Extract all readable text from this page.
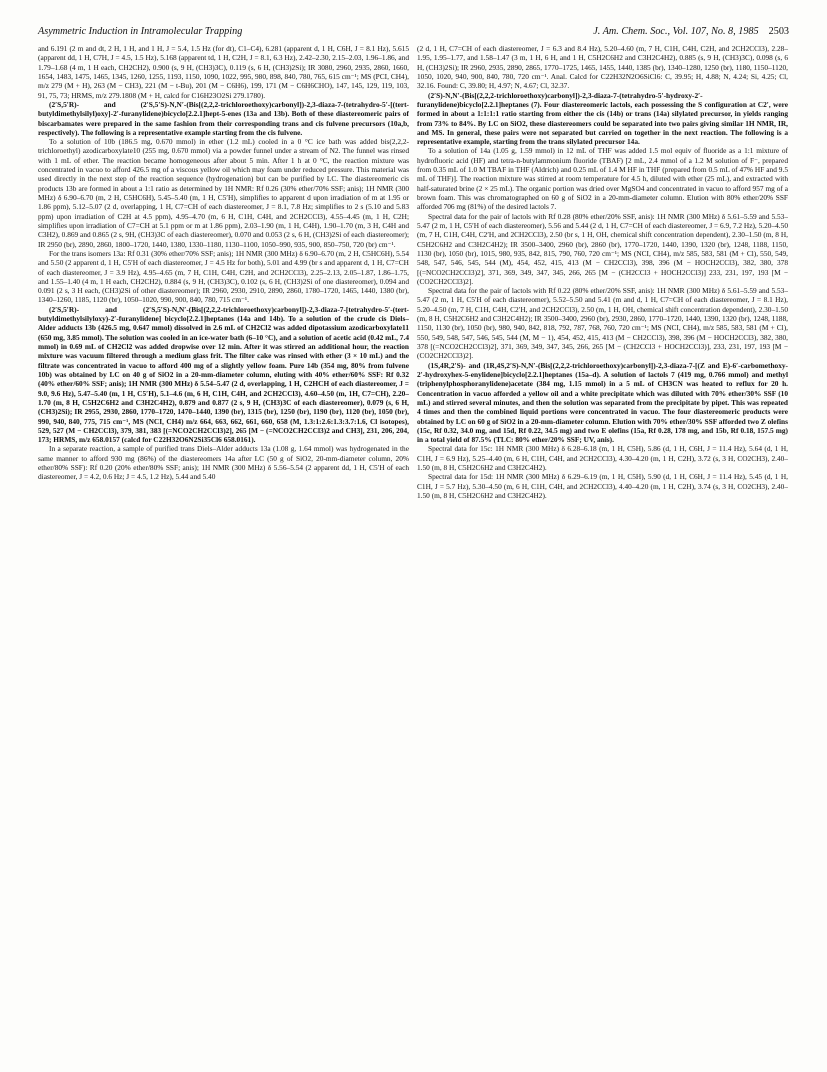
Asymmetric Induction in Intramolecular Trapping	J. Am. Chem. Soc., Vol. 107, No. 8, 1985 2503

and 6.191 (2 m and dt, 2 H, 1 H, and 1 H, J = 5.4, 1.5 Hz (for dt), C1–C4), 6.281 (apparent d, 1 H, C6H, J = 8.1 Hz), 5.615 (apparent dd, 1 H, C7H, J = 4.5, 1.5 Hz), 5.168 (apparent td, 1 H, C2H, J = 8.1, 6.3 Hz), 2.42–2.30, 2.15–2.03, 1.96–1.86, and 1.79–1.68 (4 m, 1 H each, CH2CH2), 0.900 (s, 9 H, (CH3)3C), 0.119 (s, 6 H, (CH3)2Si); IR 3080, 2960, 2935, 2860, 1660, 1654, 1483, 1475, 1465, 1345, 1260, 1255, 1193, 1150, 1090, 1022, 995, 980, 898, 840, 780, 765, 615 cm⁻¹; MS (PCI, CH4), m/z 279 (M + H), 263 (M − CH3), 221 (M − t-Bu), 201 (M − C6H6), 199, 171 (M − C6H6CHO), 147, 145, 129, 119, 103, 91, 75, 73; HRMS, m/z 279.1808 (M + H, calcd for C16H23O2Si 279.1780).

(2′S,5′R)- and (2′S,5′S)-N,N′-(Bis[(2,2,2-trichloroethoxy)carbonyl])-2,3-diaza-7-(tetrahydro-5′-[(tert-butyldimethylsilyl)oxy]-2′-furanylidene)bicyclo[2.2.1]hept-5-enes (13a and 13b). Both of these diastereomeric pairs of biscarbamates were prepared in the same fashion from their corresponding trans and cis fulvene precursors (10a,b, respectively). The following is a representative example starting from the cis fulvene.

To a solution of 10b (186.5 mg, 0.670 mmol) in ether (1.2 mL) cooled in a 0 °C ice bath was added bis(2,2,2-trichloroethyl) azodicarboxylate10 (255 mg, 0.670 mmol) via a powder funnel under a stream of N2. The funnel was rinsed with 1 mL of ether. The reaction became homogeneous after about 5 min. After 1 h at 0 °C, the reaction mixture was concentrated in vacuo to afford 426.5 mg of a viscous yellow oil which may foam under reduced pressure. This material was used directly in the next step of the reaction sequence (hydrogenation) but can be purified by LC. The diastereomeric cis products 13b are formed in about a 1:1 ratio as determined by 1H NMR: Rf 0.26 (30% ether/70% SSF; anis); 1H NMR (300 MHz) δ 6.90–6.70 (m, 2 H, C5HC6H), 5.45–5.40 (m, 1 H, C5′H), simplifies to apparent d upon irradiation of m at 1.95 or 1.86 ppm), 5.12–5.07 (2 d, overlapping, 1 H, C7=CH of each diastereomer, J = 8.1, 7.8 Hz; simplifies to 2 s (5.10 and 5.83 ppm) upon irradiation of C2H at 4.5 ppm), 4.95–4.70 (m, 6 H, C1H, C4H, and 2CH2CCl3), 4.55–4.45 (m, 1 H, C2H; simplifies upon irradiation of C7=CH at 5.1 ppm or m at 1.86 ppm), 2.03–1.90 (m, 1 H, C4H), 1.90–1.70 (m, 3 H, C4H and C3H2), 0.869 and 0.865 (2 s, 9H, (CH3)3C of each diastereomer), 0.070 and 0.053 (2 s, 6 H, (CH3)2Si of each diastereomer); IR 2950 (br), 2890, 2860, 1800–1720, 1440, 1380, 1330–1180, 1130–1100, 1050–990, 935, 900, 850–750, 720 (br) cm⁻¹.

For the trans isomers 13a: Rf 0.31 (30% ether/70% SSF; anis); 1H NMR (300 MHz) δ 6.90–6.70 (m, 2 H, C5HC6H), 5.54 and 5.50 (2 apparent d, 1 H, C5′H of each diastereomer, J = 4.5 Hz for both), 5.01 and 4.99 (br s and apparent d, 1 H, C7=CH of each diastereomer, J = 3.9 Hz), 4.95–4.65 (m, 7 H, C1H, C4H, C2H, and 2CH2CCl3), 2.25–2.13, 2.05–1.87, 1.86–1.75, and 1.55–1.40 (4 m, 1 H each, CH2CH2), 0.884 (s, 9 H, (CH3)3C), 0.102 (s, 6 H, (CH3)2Si of one diastereomer), 0.094 and 0.091 (2 s, 3 H each, (CH3)2Si of other diastereomer); IR 2960, 2930, 2910, 2890, 2860, 1780–1720, 1465, 1440, 1380 (br), 1340–1260, 1185, 1120 (br), 1050–1020, 990, 900, 840, 780, 715 cm⁻¹.

(2′S,5′R)- and (2′S,5′S)-N,N′-(Bis[(2,2,2-trichloroethoxy)carbonyl])-2,3-diaza-7-[tetrahydro-5′-(tert-butyldimethylsilyloxy)-2′-furanylidene] bicyclo[2.2.1]heptanes (14a and 14b). To a solution of the crude cis Diels–Alder adducts 13b (426.5 mg, 0.647 mmol) dissolved in 2.6 mL of CH2Cl2 was added dipotassium azodicarboxylate11 (650 mg, 3.85 mmol). The solution was cooled in an ice-water bath (6–10 °C), and a solution of acetic acid (0.42 mL, 7.4 mmol) in 0.69 mL of CH2Cl2 was added dropwise over 12 min. After it was stirred an additional hour, the reaction mixture was vacuum filtered through a medium glass frit. The filter cake was rinsed with ether (3 × 10 mL) and the filtrate was concentrated in vacuo to afford 400 mg of a slightly yellow foam. Pure 14b (354 mg, 80% from fulvene 10b) was obtained by LC on 40 g of SiO2 in a 20-mm-diameter column, eluting with 40% ether/60% SSF: Rf 0.32 (40% ether/60% SSF; anis); 1H NMR (300 MHz) δ 5.54–5.47 (2 d, overlapping, 1 H, C2HCH of each diastereomer, J = 9.0, 9.6 Hz), 5.47–5.40 (m, 1 H, C5′H), 5.1–4.6 (m, 6 H, C1H, C4H, and 2CH2CCl3), 4.60–4.50 (m, 1H, C7=CH), 2.20–1.70 (m, 8 H, C5H2C6H2 and C3H2C4H2), 0.879 and 0.877 (2 s, 9 H, (CH3)3C of each diastereomer), 0.079 (s, 6 H, (CH3)2Si); IR 2955, 2930, 2860, 1770–1720, 1470–1440, 1390 (br), 1315 (br), 1250 (br), 1190 (br), 1120 (br), 1050 (br), 990, 940, 840, 775, 715 cm⁻¹, MS (NCI, CH4) m/z 664, 663, 662, 661, 660, 658 (M, 1.3:1:2.6:1.3:3.7:1.6, Cl isotopes), 529, 527 (M − CH2CCl3), 379, 381, 383 [(=NCO2CH2CCl3)2], 265 [M − (=NCO2CH2CCl3)2 and CH3], 231, 206, 204, 173; HRMS, m/z 658.0157 (calcd for C22H32O6N2Si35Cl6 658.0161).

In a separate reaction, a sample of purified trans Diels–Alder adducts 13a (1.08 g, 1.64 mmol) was hydrogenated in the same manner to afford 930 mg (86%) of the diastereomers 14a after LC (50 g of SiO2, 20-mm-diameter column, 20% ether/80% SSF): Rf 0.20 (20% ether/80% SSF; anis); 1H NMR (300 MHz) δ 5.56–5.54 (2 apparent dd, 1 H, C5′H of each diastereomer, J = 4.2, 0.6 Hz; J = 4.5, 1.2 Hz), 5.44 and 5.40

(2 d, 1 H, C7=CH of each diastereomer, J = 6.3 and 8.4 Hz), 5.20–4.60 (m, 7 H, C1H, C4H, C2H, and 2CH2CCl3), 2.28–1.95, 1.95–1.77, and 1.58–1.47 (3 m, 1 H, 6 H, and 1 H, C5H2C6H2 and C3H2C4H2), 0.885 (s, 9 H, (CH3)3C), 0.098 (s, 6 H, (CH3)2Si); IR 2960, 2935, 2890, 2865, 1770–1725, 1465, 1455, 1440, 1385 (br), 1340–1280, 1250 (br), 1180, 1150–1120, 1050, 1020, 940, 900, 840, 780, 720 cm⁻¹. Anal. Calcd for C22H32N2O6SiCl6: C, 39.95; H, 4.88; N, 4.24; Si, 4.25; Cl, 32.16. Found: C, 39.80; H, 4.97; N, 4.67; Cl, 32.37.

(2′S)-N,N′-(Bis[(2,2,2-trichloroethoxy)carbonyl])-2,3-diaza-7-(tetrahydro-5′-hydroxy-2′-furanylidene)bicyclo[2.2.1]heptanes (7). Four diastereomeric lactols, each possessing the S configuration at C2′, were formed in about a 1:1:1:1 ratio starting from either the cis (14b) or trans (14a) silylated precursor, in yields ranging from 73% to 84%. By LC on SiO2, these diastereomers could be separated into two pairs giving similar 1H NMR, IR, and MS. In general, these pairs were not separated but carried on together in the next reaction. The following is a representative example, starting from the trans silylated precursor 14a.

To a solution of 14a (1.05 g, 1.59 mmol) in 12 mL of THF was added 1.5 mol equiv of fluoride as a 1:1 mixture of hydrofluoric acid (HF) and tetra-n-butylammonium fluoride (TBAF) [2 mL, 2.4 mmol of a 1.2 M solution of F⁻, prepared from 0.35 mL of 1.0 M TBAF in THF (Aldrich) and 0.25 mL of 1.4 M HF in THF (prepared from 0.5 mL of 47% HF and 9.5 mL of THF)]. The reaction mixture was stirred at room temperature for 4.5 h, diluted with ether (25 mL), and extracted with half-saturated brine (2 × 25 mL). The organic portion was dried over MgSO4 and concentrated in vacuo to afford 957 mg of a brown foam. This was chromatographed on 60 g of SiO2 in a 20-mm-diameter column. Elution with 80% ether/20% SSF afforded 706 mg (81%) of the desired lactols 7.

Spectral data for the pair of lactols with Rf 0.28 (80% ether/20% SSF, anis): 1H NMR (300 MHz) δ 5.61–5.59 and 5.53–5.47 (2 m, 1 H, C5′H of each diastereomer), 5.56 and 5.44 (2 d, 1 H, C7=CH of each diastereomer, J = 6.9, 7.2 Hz), 5.20–4.50 (m, 7 H, C1H, C4H, C2′H, and 2CH2CCl3), 2.50 (br s, 1 H, OH, chemical shift concentration dependent), 2.30–1.50 (m, 8 H, C5H2C6H2 and C3H2C4H2); IR 3500–3400, 2960 (br), 2860 (br), 1770–1720, 1440, 1390, 1320 (br), 1248, 1188, 1150, 1130 (br), 1050 (br), 1015, 980, 935, 842, 815, 790, 760, 720 cm⁻¹; MS (NCI, CH4), m/z 585, 583, 581 (M + Cl), 550, 549, 548, 547, 546, 545, 544 (M), 454, 452, 415, 413 (M − CH2CCl3), 398, 396 (M − HOCH2CCl3), 382, 380, 378 [(=NCO2CH2CCl3)2], 371, 369, 349, 347, 345, 266, 265 [M − (CH2CCl3 + HOCH2CCl3)] 233, 231, 197, 193 [M − (CO2CH2CCl3)2].

Spectral data for the pair of lactols with Rf 0.22 (80% ether/20% SSF, anis): 1H NMR (300 MHz) δ 5.61–5.59 and 5.53–5.47 (2 m, 1 H, C5′H of each diastereomer), 5.52–5.50 and 5.41 (m and d, 1 H, C7=CH of each diastereomer, J = 8.1 Hz), 5.20–4.50 (m, 7 H, C1H, C4H, C2′H, and 2CH2CCl3), 2.50 (m, 1 H, OH, chemical shift concentration dependent), 2.30–1.50 (m, 8 H, C5H2C6H2 and C3H2C4H2); IR 3500–3400, 2960 (br), 2930, 2860, 1770–1720, 1440, 1390, 1320 (br), 1248, 1188, 1150, 1130 (br), 1050 (br), 980, 940, 842, 818, 792, 787, 768, 760, 720 cm⁻¹; MS (NCI, CH4), m/z 585, 583, 581 (M + Cl), 550, 549, 548, 547, 546, 545, 544 (M, M − 1), 454, 452, 415, 413 (M − CH2CCl3), 398, 396 (M − HOCH2CCl3), 382, 380, 378 [(=NCO2CH2CCl3)2], 371, 369, 349, 347, 345, 266, 265 [M − (CH2CCl3 + HOCH2CCl3)], 233, 231, 197, 193 [M − (CO2CH2CCl3)2].

(1S,4R,2′S)- and (1R,4S,2′S)-N,N′-(Bis[(2,2,2-trichloroethoxy)carbonyl])-2,3-diaza-7-[(Z and E)-6′-carbomethoxy-2′-hydroxyhex-5-enylidene]bicyclo[2.2.1]heptanes (15a–d). A solution of lactols 7 (419 mg, 0.766 mmol) and methyl (triphenylphosphoranylidene)acetate (384 mg, 1.15 mmol) in a 5 mL of CH3CN was heated to reflux for 20 h. Concentration in vacuo afforded a yellow oil and a white precipitate which was diluted with 70% ether/30% SSF (10 mL) and stirred several minutes, and then the solution was separated from the precipitate by pipet. This was repeated 4 times and then the combined liquid portions were concentrated in vacuo. The four diastereomeric products were obtained by LC on 60 g of SiO2 in a 20-mm-diameter column. Elution with 70% ether/30% SSF afforded two Z olefins (15c, Rf 0.32, 34.0 mg, and 15d, Rf 0.22, 34.5 mg) and two E olefins (15a, Rf 0.28, 178 mg, and 15b, Rf 0.18, 157.5 mg) in a total yield of 87.5% (TLC: 80% ether/20% SSF; UV, anis).

Spectral data for 15c: 1H NMR (300 MHz) δ 6.28–6.18 (m, 1 H, C5H), 5.86 (d, 1 H, C6H, J = 11.4 Hz), 5.64 (d, 1 H, C1H, J = 6.9 Hz), 5.25–4.40 (m, 6 H, C1H, C4H, and 2CH2CCl3), 4.30–4.20 (m, 1 H, C2H), 3.72 (s, 3 H, CO2CH3), 2.40–1.50 (m, 8 H, C5H2C6H2 and C3H2C4H2).

Spectral data for 15d: 1H NMR (300 MHz) δ 6.29–6.19 (m, 1 H, C5H), 5.90 (d, 1 H, C6H, J = 11.4 Hz), 5.45 (d, 1 H, C1H, J = 5.7 Hz), 5.30–4.50 (m, 6 H, C1H, C4H, and 2CH2CCl3), 4.40–4.20 (m, 1 H, C2H), 3.74 (s, 3 H, CO2CH3), 2.40–1.50 (m, 8 H, C5H2C6H2 and C3H2C4H2).
